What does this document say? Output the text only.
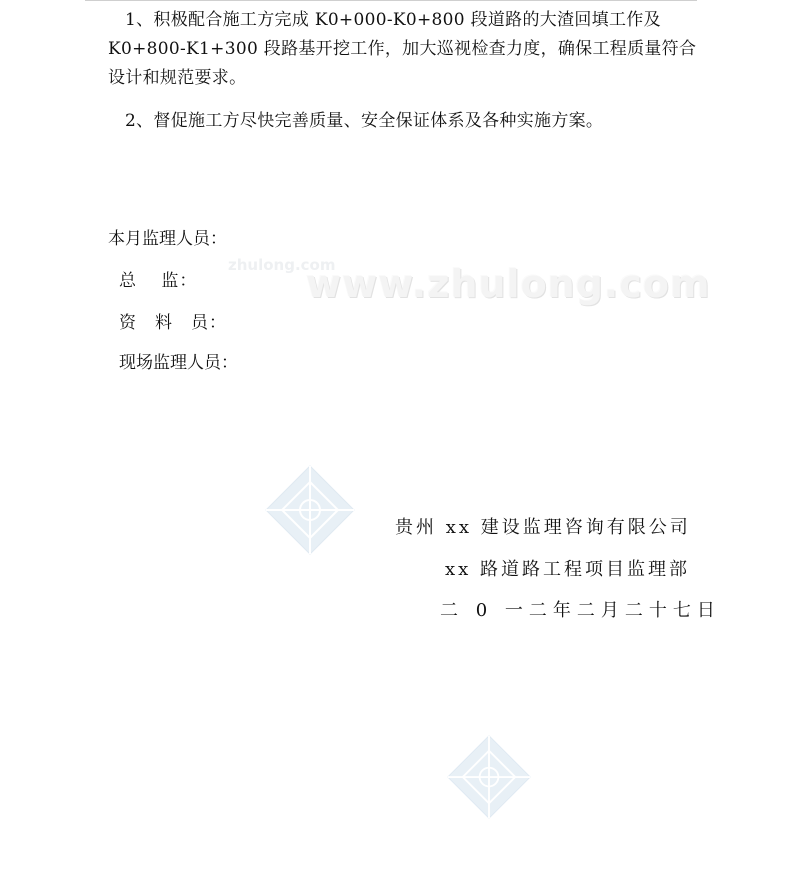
1、积极配合施工方完成 K0+000-K0+800 段道路的大渣回填工作及 K0+800-K1+300 段路基开挖工作，加大巡视检查力度，确保工程质量符合设计和规范要求。

2、督促施工方尽快完善质量、安全保证体系及各种实施方案。

本月监理人员：

总　 监：

资　料　员：

现场监理人员：

zhulong.com
www.zhulong.com

贵州 xx 建设监理咨询有限公司

xx 路道路工程项目监理部

二 0 一二年二月二十七日
